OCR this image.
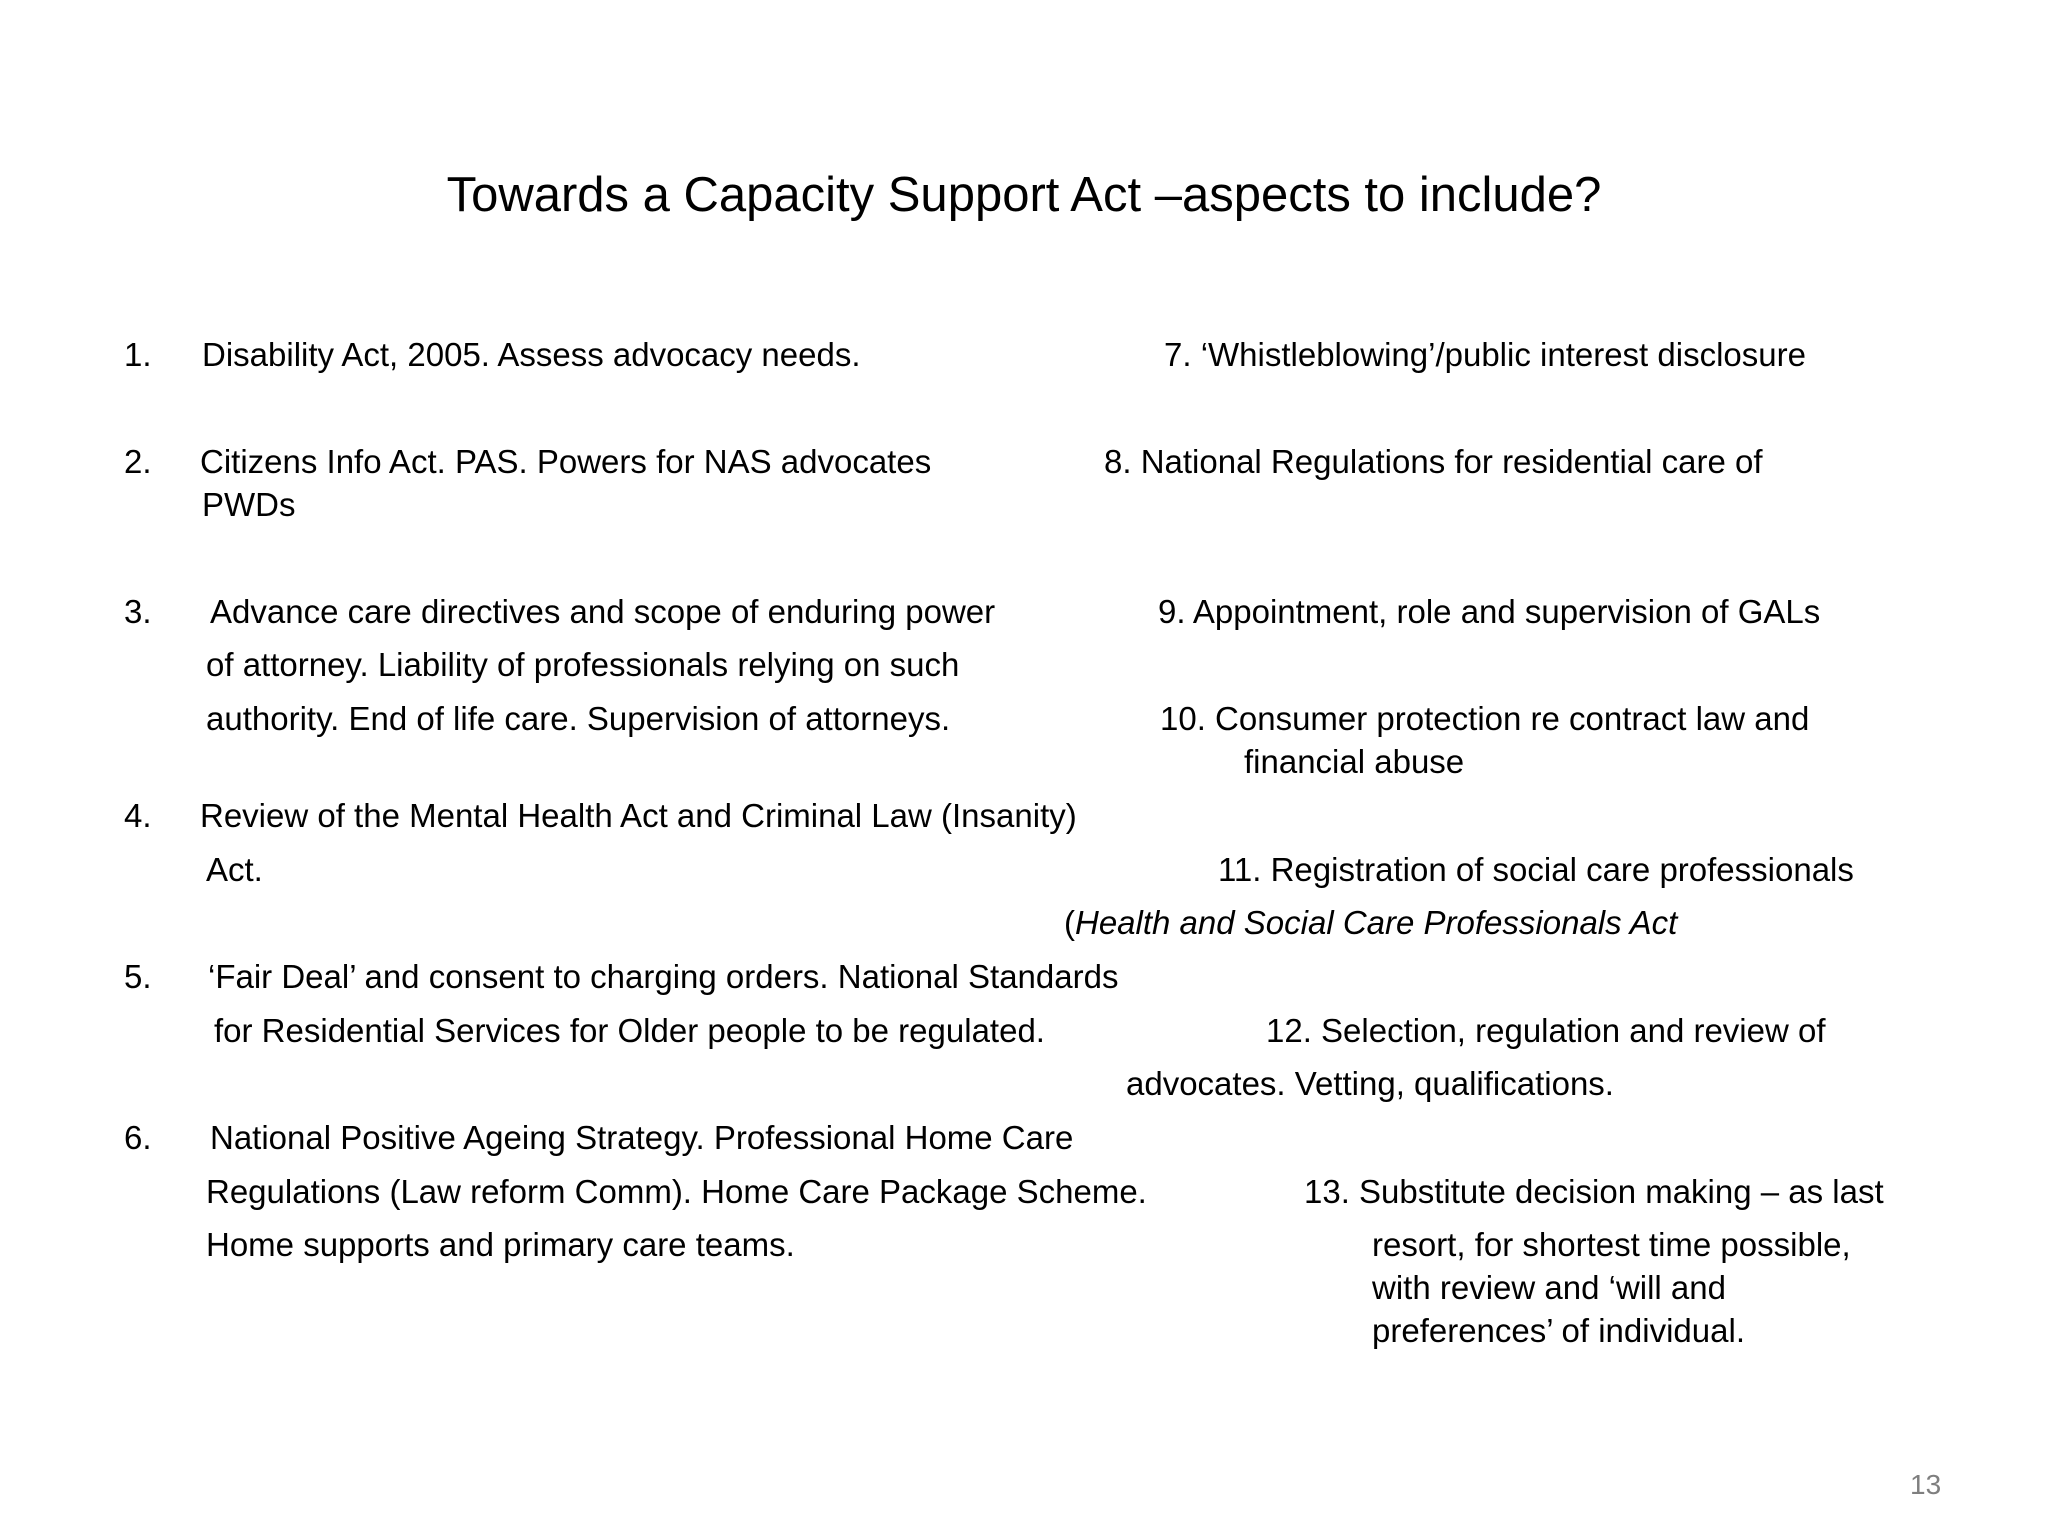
Towards a Capacity Support Act –aspects to include?
1. Disability Act, 2005. Assess advocacy needs.
2. Citizens Info Act. PAS. Powers for NAS advocates
PWDs
3. Advance care directives and scope of enduring power
of attorney. Liability of professionals relying on such
authority. End of life care. Supervision of attorneys.
4. Review of the Mental Health Act and Criminal Law (Insanity)
Act.
5. ‘Fair Deal’ and consent to charging orders. National Standards
for Residential Services for Older people to be regulated.
6. National Positive Ageing Strategy. Professional Home Care
Regulations (Law reform Comm). Home Care Package Scheme.
Home supports and primary care teams.
7. ‘Whistleblowing’/public interest disclosure
8. National Regulations for residential care of
9. Appointment, role and supervision of GALs
10. Consumer protection re contract law and
financial abuse
11. Registration of social care professionals
(Health and Social Care Professionals Act
12. Selection, regulation and review of
advocates. Vetting, qualifications.
13. Substitute decision making – as last
resort, for shortest time possible,
with review and ‘will and
preferences’ of individual.
13
